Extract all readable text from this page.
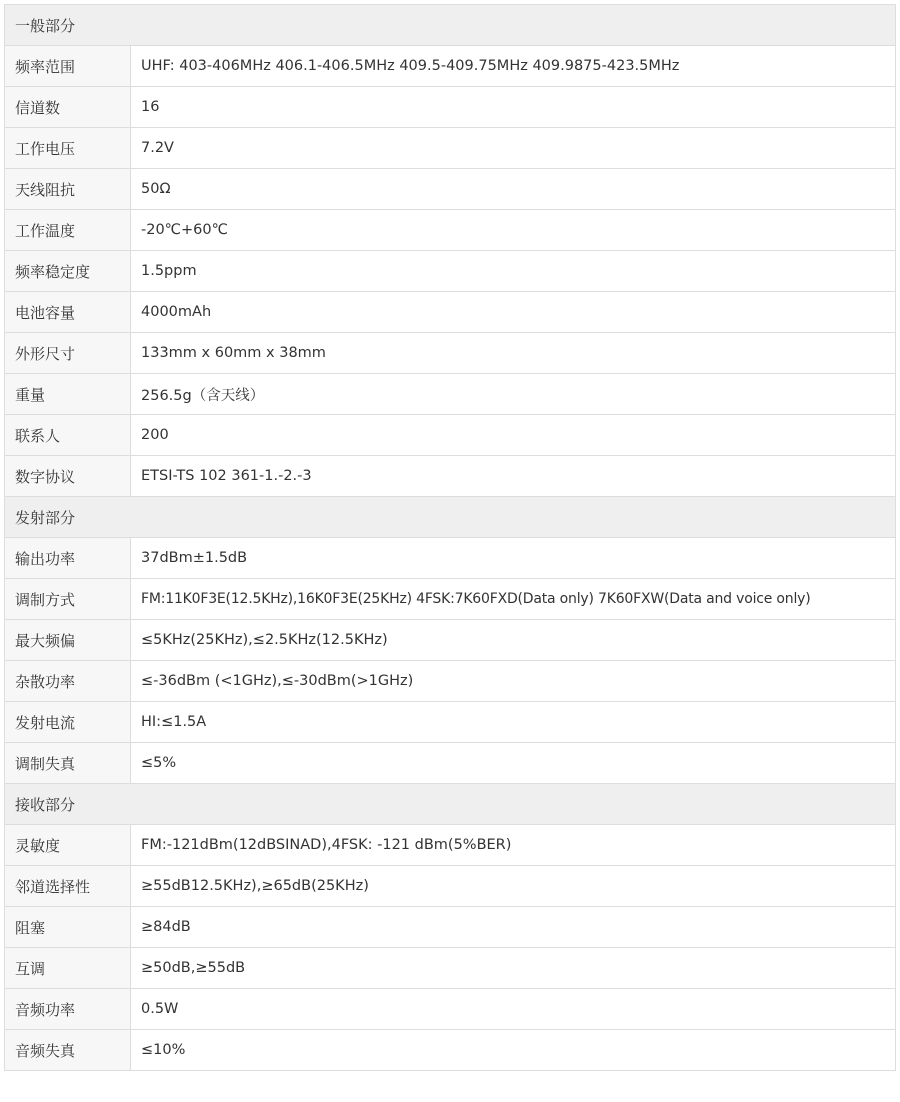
一般部分	
频率范围	UHF: 403-406MHz 406.1-406.5MHz 409.5-409.75MHz 409.9875-423.5MHz
信道数	16
工作电压	7.2V
天线阻抗	50Ω
工作温度	-20℃+60℃
频率稳定度	1.5ppm
电池容量	4000mAh
外形尺寸	133mm x 60mm x 38mm
重量	256.5g（含天线）
联系人	200
数字协议	ETSI-TS 102 361-1.-2.-3
发射部分	
输出功率	37dBm±1.5dB
调制方式	FM:11K0F3E(12.5KHz),16K0F3E(25KHz) 4FSK:7K60FXD(Data only) 7K60FXW(Data and voice only)
最大频偏	≤5KHz(25KHz),≤2.5KHz(12.5KHz)
杂散功率	≤-36dBm (<1GHz),≤-30dBm(>1GHz)
发射电流	HI:≤1.5A
调制失真	≤5%
接收部分	
灵敏度	FM:-121dBm(12dBSINAD),4FSK: -121 dBm(5%BER)
邻道选择性	≥55dB12.5KHz),≥65dB(25KHz)
阻塞	≥84dB
互调	≥50dB,≥55dB
音频功率	0.5W
音频失真	≤10%
